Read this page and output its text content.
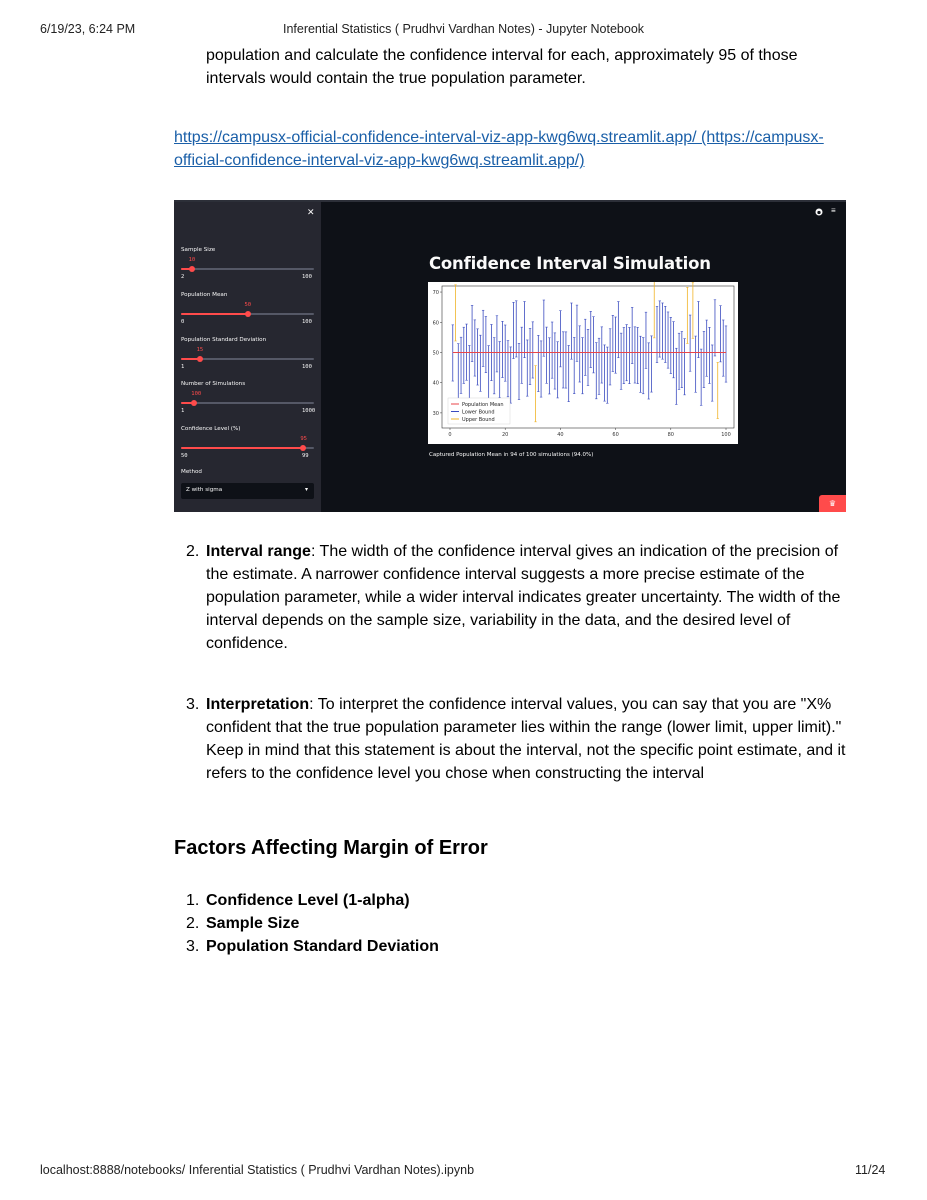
6/19/23, 6:24 PM	Inferential Statistics ( Prudhvi Vardhan Notes) - Jupyter Notebook
population and calculate the confidence interval for each, approximately 95 of those
intervals would contain the true population parameter.
https://campusx-official-confidence-interval-viz-app-kwg6wq.streamlit.app/ (https://campusx-official-confidence-interval-viz-app-kwg6wq.streamlit.app/)
✕
Sample Size
10
2	100
Population Mean
50
0	100
Population Standard Deviation
15
1	100
Number of Simulations
100
1	1000
Confidence Level (%)
95
50	99
Method
Z with sigma	▾
≡
Confidence Interval Simulation
30
40
50
60
70
0	20	40	60	80	100
Population Mean
Lower Bound
Upper Bound
Captured Population Mean in 94 of 100 simulations (94.0%)
♛
2. Interval range: The width of the confidence interval gives an indication of the precision of
the estimate. A narrower confidence interval suggests a more precise estimate of the
population parameter, while a wider interval indicates greater uncertainty. The width of the
interval depends on the sample size, variability in the data, and the desired level of
confidence.
3. Interpretation: To interpret the confidence interval values, you can say that you are "X%
confident that the true population parameter lies within the range (lower limit, upper limit)."
Keep in mind that this statement is about the interval, not the specific point estimate, and it
refers to the confidence level you chose when constructing the interval
Factors Affecting Margin of Error
1. Confidence Level (1-alpha)
2. Sample Size
3. Population Standard Deviation
localhost:8888/notebooks/ Inferential Statistics ( Prudhvi Vardhan Notes).ipynb	11/24
